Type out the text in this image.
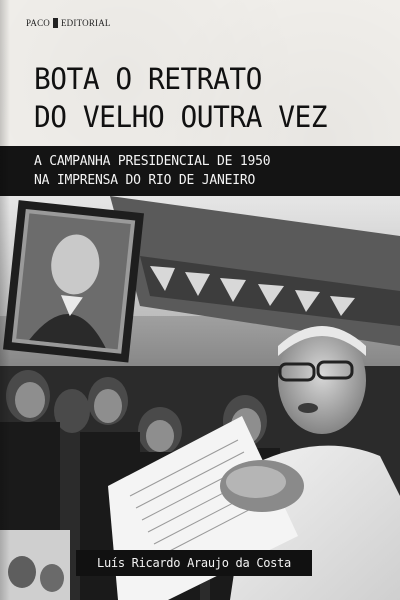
PACO EDITORIAL
BOTA O RETRATO
DO VELHO OUTRA VEZ
A CAMPANHA PRESIDENCIAL DE 1950
NA IMPRENSA DO RIO DE JANEIRO
Luís Ricardo Araujo da Costa
